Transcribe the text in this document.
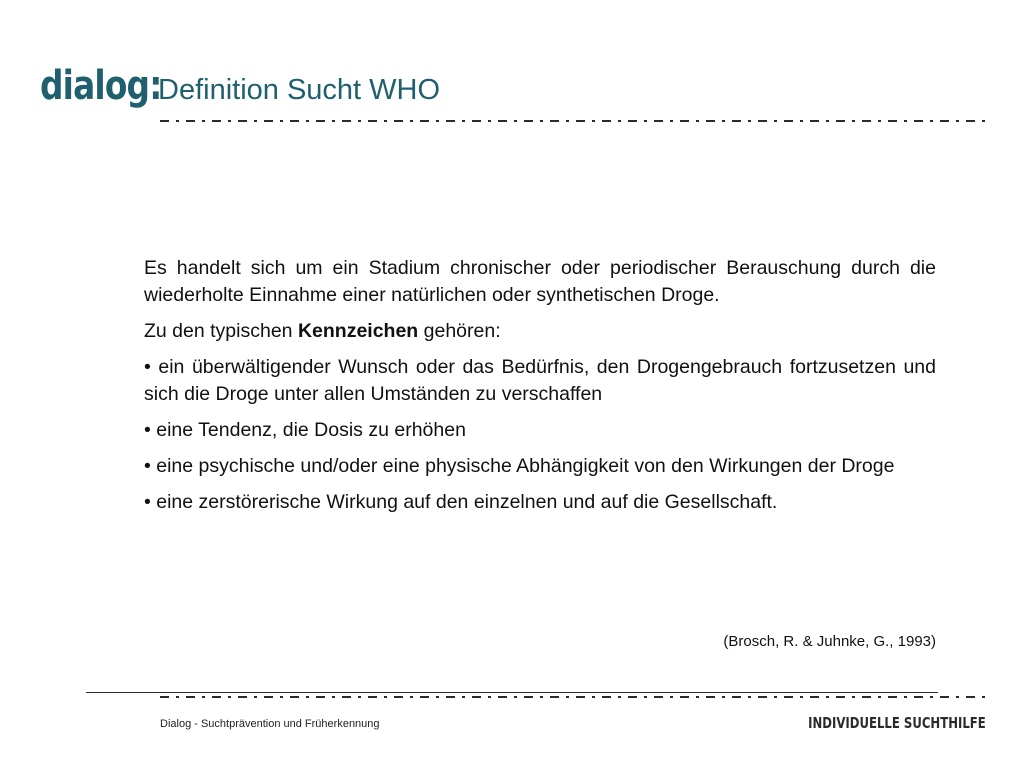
dialog:
Definition Sucht WHO

Es handelt sich um ein Stadium chronischer oder periodischer Berauschung durch die wiederholte Einnahme einer natürlichen oder synthetischen Droge.

Zu den typischen Kennzeichen gehören:

• ein überwältigender Wunsch oder das Bedürfnis, den Drogengebrauch fortzusetzen und sich die Droge unter allen Umständen zu verschaffen

• eine Tendenz, die Dosis zu erhöhen

• eine psychische und/oder eine physische Abhängigkeit von den Wirkungen der Droge

• eine zerstörerische Wirkung auf den einzelnen und auf die Gesellschaft.

(Brosch, R. & Juhnke, G., 1993)
Dialog - Suchtprävention und Früherkennung	INDIVIDUELLE SUCHTHILFE
